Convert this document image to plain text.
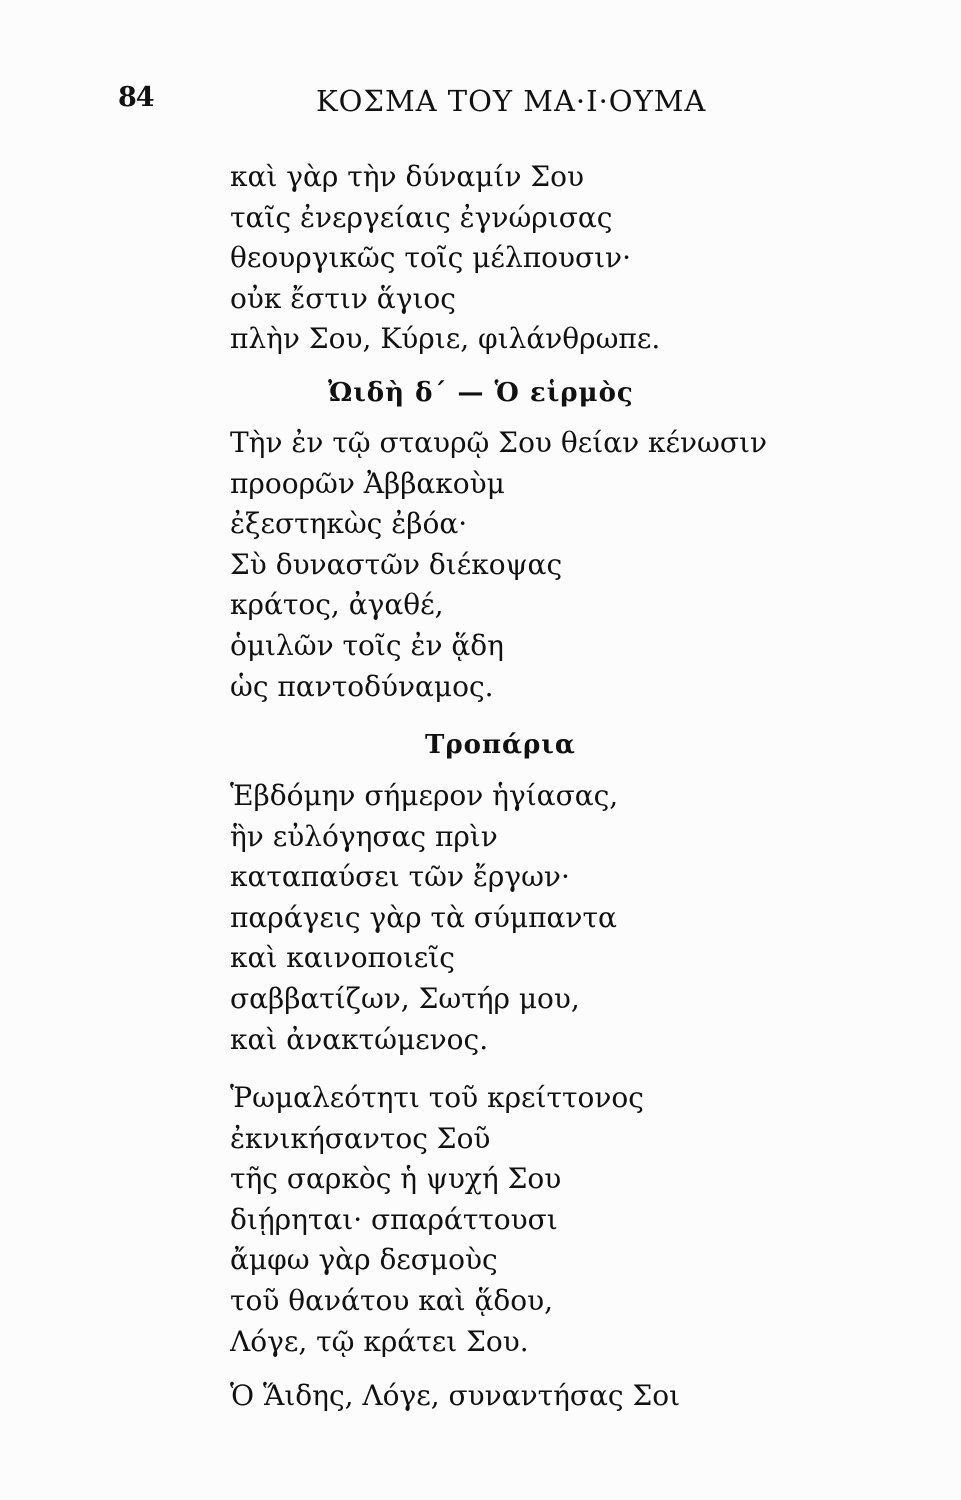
84	ΚΟΣΜΑ ΤΟΥ ΜΑ·Ι·ΟΥΜΑ
καὶ γὰρ τὴν δύναμίν Σου
ταῖς ἐνεργείαις ἐγνώρισας
θεουργικῶς τοῖς μέλπουσιν·
οὐκ ἔστιν ἅγιος
πλὴν Σου, Κύριε, φιλάνθρωπε.
Ὠιδὴ δ΄ — Ὁ εἱρμὸς
Τὴν ἐν τῷ σταυρῷ Σου θείαν κένωσιν
προορῶν Ἀββακοὺμ
ἐξεστηκὼς ἐβόα·
Σὺ δυναστῶν διέκοψας
κράτος, ἀγαθέ,
ὁμιλῶν τοῖς ἐν ᾅδη
ὡς παντοδύναμος.
Τροπάρια
Ἑβδόμην σήμερον ἡγίασας,
ἣν εὐλόγησας πρὶν
καταπαύσει τῶν ἔργων·
παράγεις γὰρ τὰ σύμπαντα
καὶ καινοποιεῖς
σαββατίζων, Σωτήρ μου,
καὶ ἀνακτώμενος.
Ῥωμαλεότητι τοῦ κρείττονος
ἐκνικήσαντος Σοῦ
τῆς σαρκὸς ἡ ψυχή Σου
διῄρηται· σπαράττουσι
ἄμφω γὰρ δεσμοὺς
τοῦ θανάτου καὶ ᾅδου,
Λόγε, τῷ κράτει Σου.
Ὁ Ἅιδης, Λόγε, συναντήσας Σοι
